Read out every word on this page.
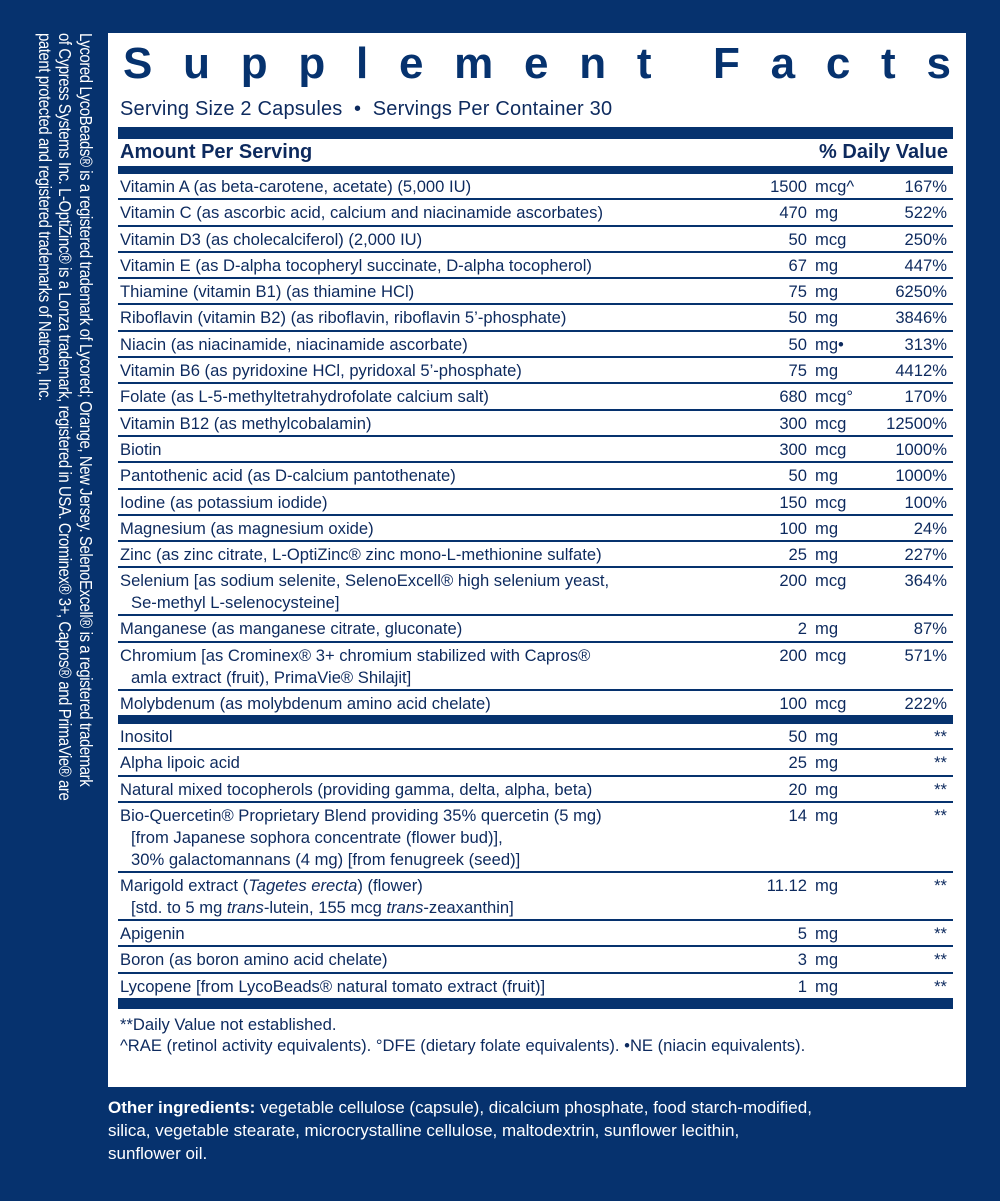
Lycored LycoBeads® is a registered trademark of Lycored; Orange, New Jersey. SelenoExcell® is a registered trademark
of Cypress Systems Inc. L-OptiZinc® is a Lonza trademark, registered in USA. Crominex® 3+, Capros® and PrimaVie® are
patent protected and registered trademarks of Natreon, Inc. S u p p l e m e n t F a c t s
Serving Size 2 Capsules  •  Servings Per Container 30
Amount Per Serving	% Daily Value
Vitamin A (as beta-carotene, acetate) (5,000 IU)	1500 mcg^	167%
Vitamin C (as ascorbic acid, calcium and niacinamide ascorbates)	470 mg	522%
Vitamin D3 (as cholecalciferol) (2,000 IU)	50 mcg	250%
Vitamin E (as D-alpha tocopheryl succinate, D-alpha tocopherol)	67 mg	447%
Thiamine (vitamin B1) (as thiamine HCl)	75 mg	6250%
Riboflavin (vitamin B2) (as riboflavin, riboflavin 5’-phosphate)	50 mg	3846%
Niacin (as niacinamide, niacinamide ascorbate)	50 mg•	313%
Vitamin B6 (as pyridoxine HCl, pyridoxal 5’-phosphate)	75 mg	4412%
Folate (as L-5-methyltetrahydrofolate calcium salt)	680 mcg°	170%
Vitamin B12 (as methylcobalamin)	300 mcg	12500%
Biotin	300 mcg	1000%
Pantothenic acid (as D-calcium pantothenate)	50 mg	1000%
Iodine (as potassium iodide)	150 mcg	100%
Magnesium (as magnesium oxide)	100 mg	24%
Zinc (as zinc citrate, L-OptiZinc® zinc mono-L-methionine sulfate)	25 mg	227%
Selenium [as sodium selenite, SelenoExcell® high selenium yeast,
Se-methyl L-selenocysteine]
200 mcg	364%
Manganese (as manganese citrate, gluconate)	2 mg	87%
Chromium [as Crominex® 3+ chromium stabilized with Capros®
amla extract (fruit), PrimaVie® Shilajit]
200 mcg	571%
Molybdenum (as molybdenum amino acid chelate)	100 mcg	222%
Inositol	50 mg	**
Alpha lipoic acid	25 mg	**
Natural mixed tocopherols (providing gamma, delta, alpha, beta)	20 mg	**
Bio-Quercetin® Proprietary Blend providing 35% quercetin (5 mg)
[from Japanese sophora concentrate (flower bud)],
30% galactomannans (4 mg) [from fenugreek (seed)]
14 mg	**
Marigold extract (Tagetes erecta) (flower)
[std. to 5 mg trans-lutein, 155 mcg trans-zeaxanthin]
11.12 mg	**
Apigenin	5 mg	**
Boron (as boron amino acid chelate)	3 mg	**
Lycopene [from LycoBeads® natural tomato extract (fruit)]	1 mg	**
**Daily Value not established.
^RAE (retinol activity equivalents). °DFE (dietary folate equivalents). •NE (niacin equivalents).
Other ingredients: vegetable cellulose (capsule), dicalcium phosphate, food starch-modified,
silica, vegetable stearate, microcrystalline cellulose, maltodextrin, sunflower lecithin,
sunflower oil.
